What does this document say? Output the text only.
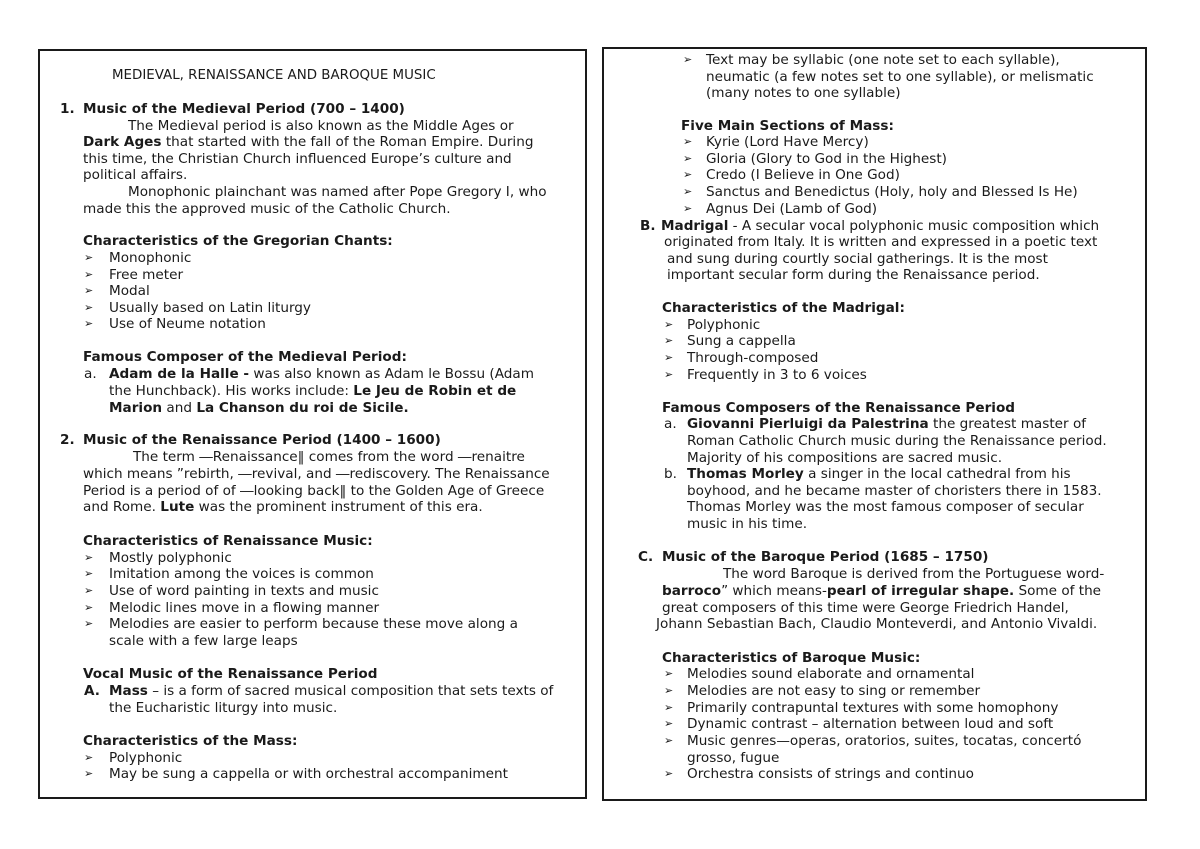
MEDIEVAL, RENAISSANCE AND BAROQUE MUSIC
1. Music of the Medieval Period (700 – 1400)
The Medieval period is also known as the Middle Ages or
Dark Ages that started with the fall of the Roman Empire. During
this time, the Christian Church influenced Europe’s culture and
political affairs.
Monophonic plainchant was named after Pope Gregory I, who
made this the approved music of the Catholic Church.
Characteristics of the Gregorian Chants:
➢ Monophonic
➢ Free meter
➢ Modal
➢ Usually based on Latin liturgy
➢ Use of Neume notation
Famous Composer of the Medieval Period:
a. Adam de la Halle - was also known as Adam le Bossu (Adam
the Hunchback). His works include: Le Jeu de Robin et de
Marion and La Chanson du roi de Sicile.
2. Music of the Renaissance Period (1400 – 1600)
The term ―Renaissance‖ comes from the word ―renaitre
which means ”rebirth, ―revival, and ―rediscovery. The Renaissance
Period is a period of of ―looking back‖ to the Golden Age of Greece
and Rome. Lute was the prominent instrument of this era.
Characteristics of Renaissance Music:
➢ Mostly polyphonic
➢ Imitation among the voices is common
➢ Use of word painting in texts and music
➢ Melodic lines move in a flowing manner
➢ Melodies are easier to perform because these move along a
scale with a few large leaps
Vocal Music of the Renaissance Period
A. Mass – is a form of sacred musical composition that sets texts of
the Eucharistic liturgy into music.
Characteristics of the Mass:
➢ Polyphonic
➢ May be sung a cappella or with orchestral accompaniment
➢ Text may be syllabic (one note set to each syllable),
neumatic (a few notes set to one syllable), or melismatic
(many notes to one syllable)
Five Main Sections of Mass:
➢ Kyrie (Lord Have Mercy)
➢ Gloria (Glory to God in the Highest)
➢ Credo (I Believe in One God)
➢ Sanctus and Benedictus (Holy, holy and Blessed Is He)
➢ Agnus Dei (Lamb of God)
B. Madrigal - A secular vocal polyphonic music composition which
originated from Italy. It is written and expressed in a poetic text
and sung during courtly social gatherings. It is the most
important secular form during the Renaissance period.
Characteristics of the Madrigal:
➢ Polyphonic
➢ Sung a cappella
➢ Through-composed
➢ Frequently in 3 to 6 voices
Famous Composers of the Renaissance Period
a. Giovanni Pierluigi da Palestrina the greatest master of
Roman Catholic Church music during the Renaissance period.
Majority of his compositions are sacred music.
b. Thomas Morley a singer in the local cathedral from his
boyhood, and he became master of choristers there in 1583.
Thomas Morley was the most famous composer of secular
music in his time.
C. Music of the Baroque Period (1685 – 1750)
The word Baroque is derived from the Portuguese word-
barroco” which means-pearl of irregular shape. Some of the
great composers of this time were George Friedrich Handel,
Johann Sebastian Bach, Claudio Monteverdi, and Antonio Vivaldi.
Characteristics of Baroque Music:
➢ Melodies sound elaborate and ornamental
➢ Melodies are not easy to sing or remember
➢ Primarily contrapuntal textures with some homophony
➢ Dynamic contrast – alternation between loud and soft
➢ Music genres—operas, oratorios, suites, tocatas, concertó
grosso, fugue
➢ Orchestra consists of strings and continuo
